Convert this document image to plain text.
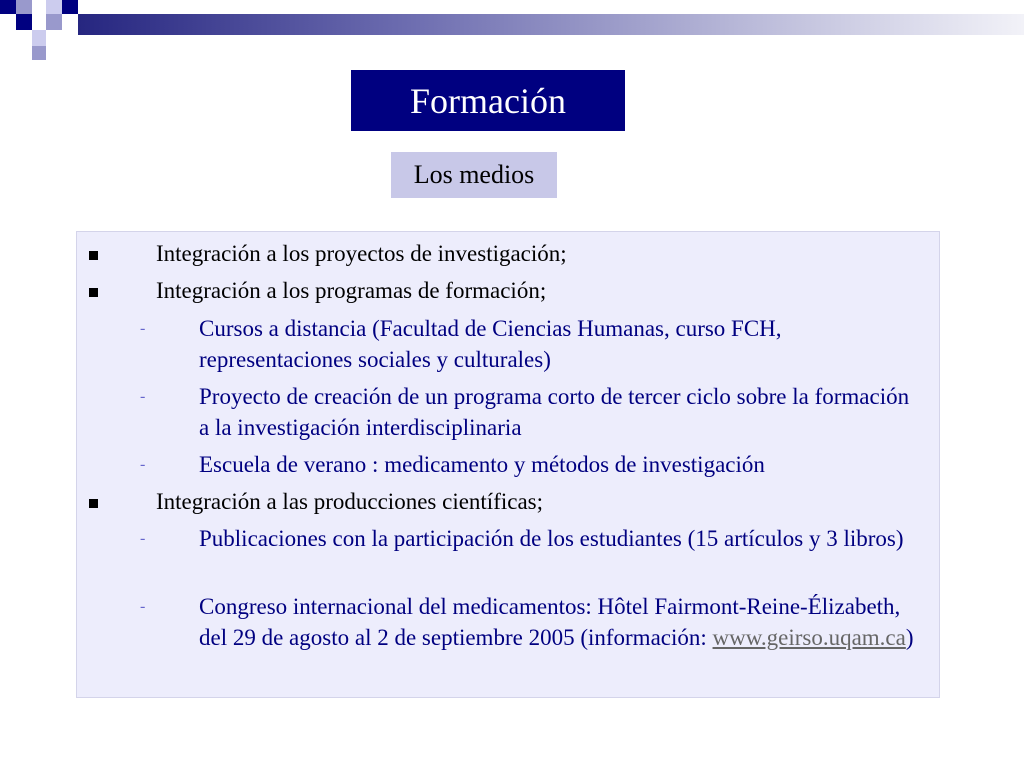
Formación
Los medios
Integración a los proyectos de investigación;
Integración a los programas de formación;
- Cursos a distancia (Facultad de Ciencias Humanas, curso FCH, representaciones sociales y culturales)
- Proyecto de creación de un programa corto de tercer ciclo sobre la formación a la investigación interdisciplinaria
- Escuela de verano : medicamento y métodos de investigación
Integración a las producciones científicas;
- Publicaciones con la participación de los estudiantes (15 artículos y 3 libros)
- Congreso internacional del medicamentos: Hôtel Fairmont-Reine-Élizabeth, del 29 de agosto al 2 de septiembre 2005 (información: www.geirso.uqam.ca)
